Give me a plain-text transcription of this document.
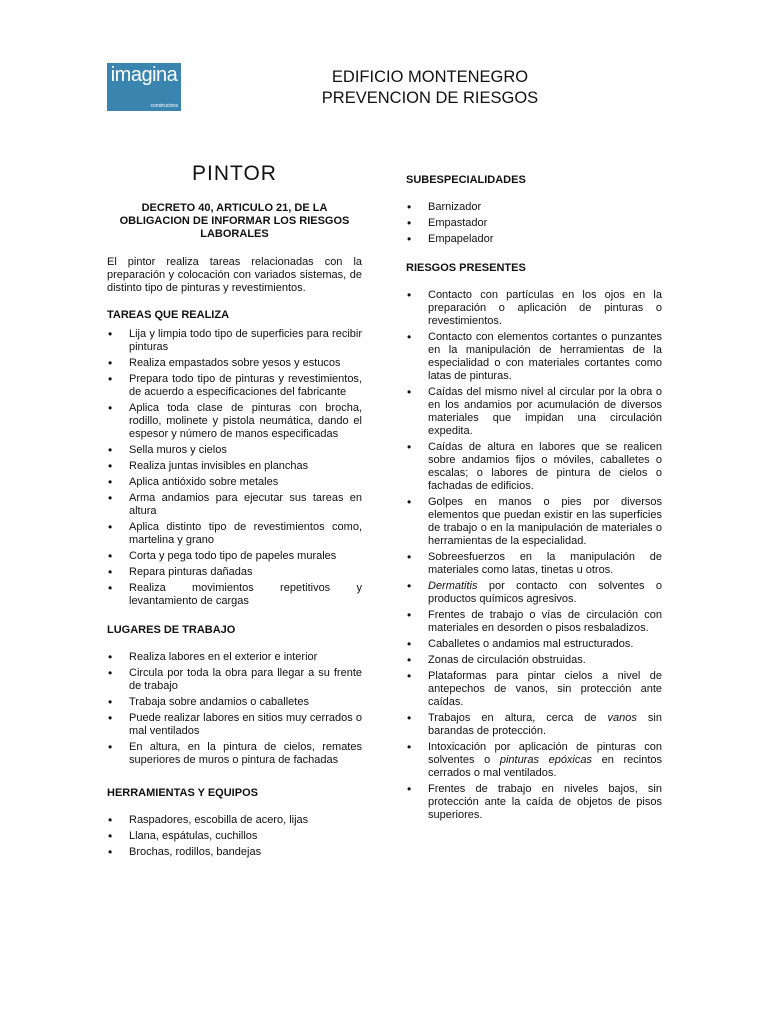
imagina
constructora
EDIFICIO MONTENEGRO
PREVENCION DE RIESGOS
PINTOR
DECRETO 40, ARTICULO 21, DE LA OBLIGACION DE INFORMAR LOS RIESGOS LABORALES
El pintor realiza tareas relacionadas con la preparación y colocación con variados sistemas, de distinto tipo de pinturas y revestimientos.
TAREAS QUE REALIZA
• Lija y limpia todo tipo de superficies para recibir pinturas
• Realiza empastados sobre yesos y estucos
• Prepara todo tipo de pinturas y revestimientos, de acuerdo a especificaciones del fabricante
• Aplica toda clase de pinturas con brocha, rodillo, molinete y pistola neumática, dando el espesor y número de manos especificadas
• Sella muros y cielos
• Realiza juntas invisibles en planchas
• Aplica antióxido sobre metales
• Arma andamios para ejecutar sus tareas en altura
• Aplica distinto tipo de revestimientos como, martelina y grano
• Corta y pega todo tipo de papeles murales
• Repara pinturas dañadas
• Realiza movimientos repetitivos y levantamiento de cargas
LUGARES DE TRABAJO
• Realiza labores en el exterior e interior
• Circula por toda la obra para llegar a su frente de trabajo
• Trabaja sobre andamios o caballetes
• Puede realizar labores en sitios muy cerrados o mal ventilados
• En altura, en la pintura de cielos, remates superiores de muros o pintura de fachadas
HERRAMIENTAS Y EQUIPOS
• Raspadores, escobilla de acero, lijas
• Llana, espátulas, cuchillos
• Brochas, rodillos, bandejas
SUBESPECIALIDADES
• Barnizador
• Empastador
• Empapelador
RIESGOS PRESENTES
• Contacto con partículas en los ojos en la preparación o aplicación de pinturas o revestimientos.
• Contacto con elementos cortantes o punzantes en la manipulación de herramientas de la especialidad o con materiales cortantes como latas de pinturas.
• Caídas del mismo nivel al circular por la obra o en los andamios por acumulación de diversos materiales que impidan una circulación expedita.
• Caídas de altura en labores que se realicen sobre andamios fijos o móviles, caballetes o escalas; o labores de pintura de cielos o fachadas de edificios.
• Golpes en manos o pies por diversos elementos que puedan existir en las superficies de trabajo o en la manipulación de materiales o herramientas de la especialidad.
• Sobreesfuerzos en la manipulación de materiales como latas, tinetas u otros.
• Dermatitis por contacto con solventes o productos químicos agresivos.
• Frentes de trabajo o vías de circulación con materiales en desorden o pisos resbaladizos.
• Caballetes o andamios mal estructurados.
• Zonas de circulación obstruidas.
• Plataformas para pintar cielos a nivel de antepechos de vanos, sin protección ante caídas.
• Trabajos en altura, cerca de vanos sin barandas de protección.
• Intoxicación por aplicación de pinturas con solventes o pinturas epóxicas en recintos cerrados o mal ventilados.
• Frentes de trabajo en niveles bajos, sin protección ante la caída de objetos de pisos superiores.
